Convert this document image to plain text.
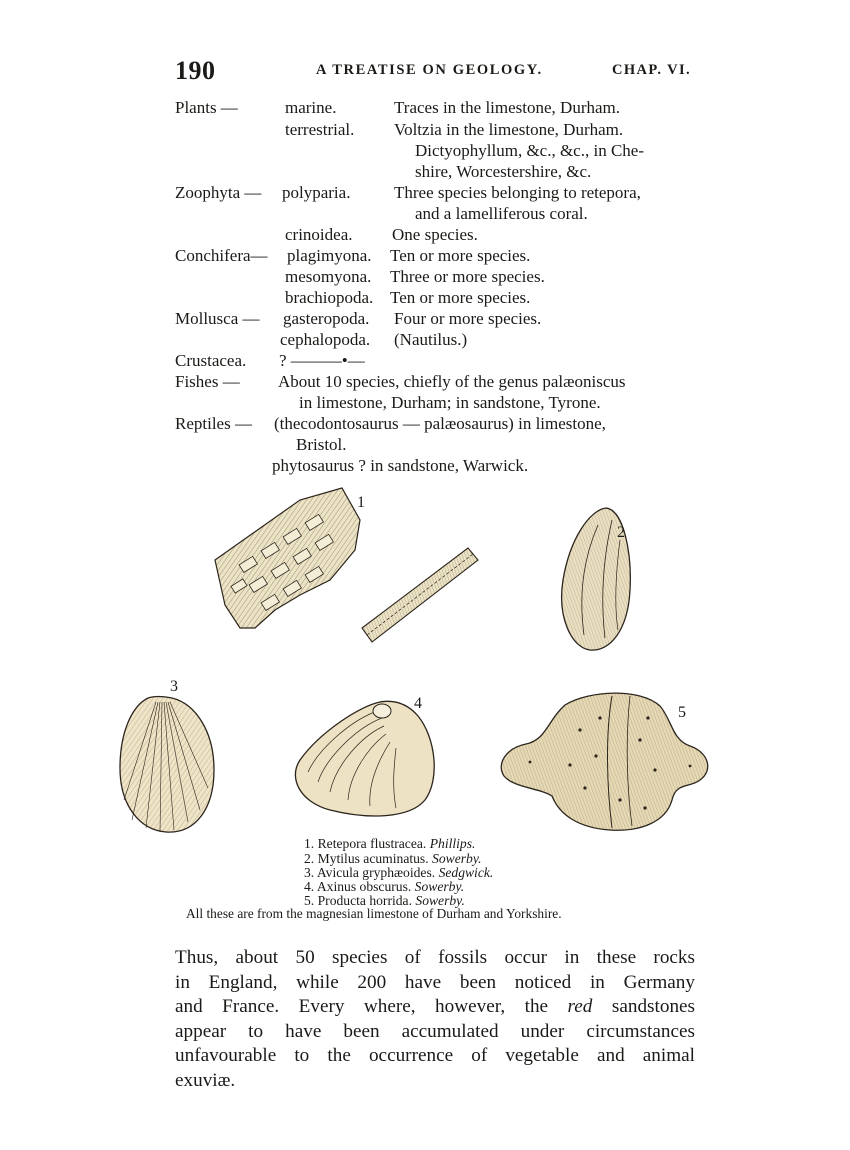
190	A TREATISE ON GEOLOGY.	CHAP. VI.
Plants —	marine.	Traces in the limestone, Durham.
terrestrial. Voltzia in the limestone, Durham.
Dictyophyllum, &c., &c., in Che-
shire, Worcestershire, &c.
Zoophyta — polyparia.	Three species belonging to retepora,
and a lamelliferous coral.
crinoidea. One species.
Conchifera— plagimyona. Ten or more species.
mesomyona. Three or more species.
brachiopoda. Ten or more species.
Mollusca — gasteropoda. Four or more species.
cephalopoda. (Nautilus.)
Crustacea. ? ———•—
Fishes — About 10 species, chiefly of the genus palæoniscus
in limestone, Durham; in sandstone, Tyrone.
Reptiles — (thecodontosaurus — palæosaurus) in limestone,
Bristol.
phytosaurus ? in sandstone, Warwick.
1
2
3
4
5
1. Retepora flustracea. Phillips.
2. Mytilus acuminatus. Sowerby.
3. Avicula gryphæoides. Sedgwick.
4. Axinus obscurus. Sowerby.
5. Producta horrida. Sowerby.
All these are from the magnesian limestone of Durham and Yorkshire.
Thus, about 50 species of fossils occur in these rocks
in England, while 200 have been noticed in Germany
and France. Every where, however, the red sandstones
appear to have been accumulated under circumstances
unfavourable to the occurrence of vegetable and animal
exuviæ.
